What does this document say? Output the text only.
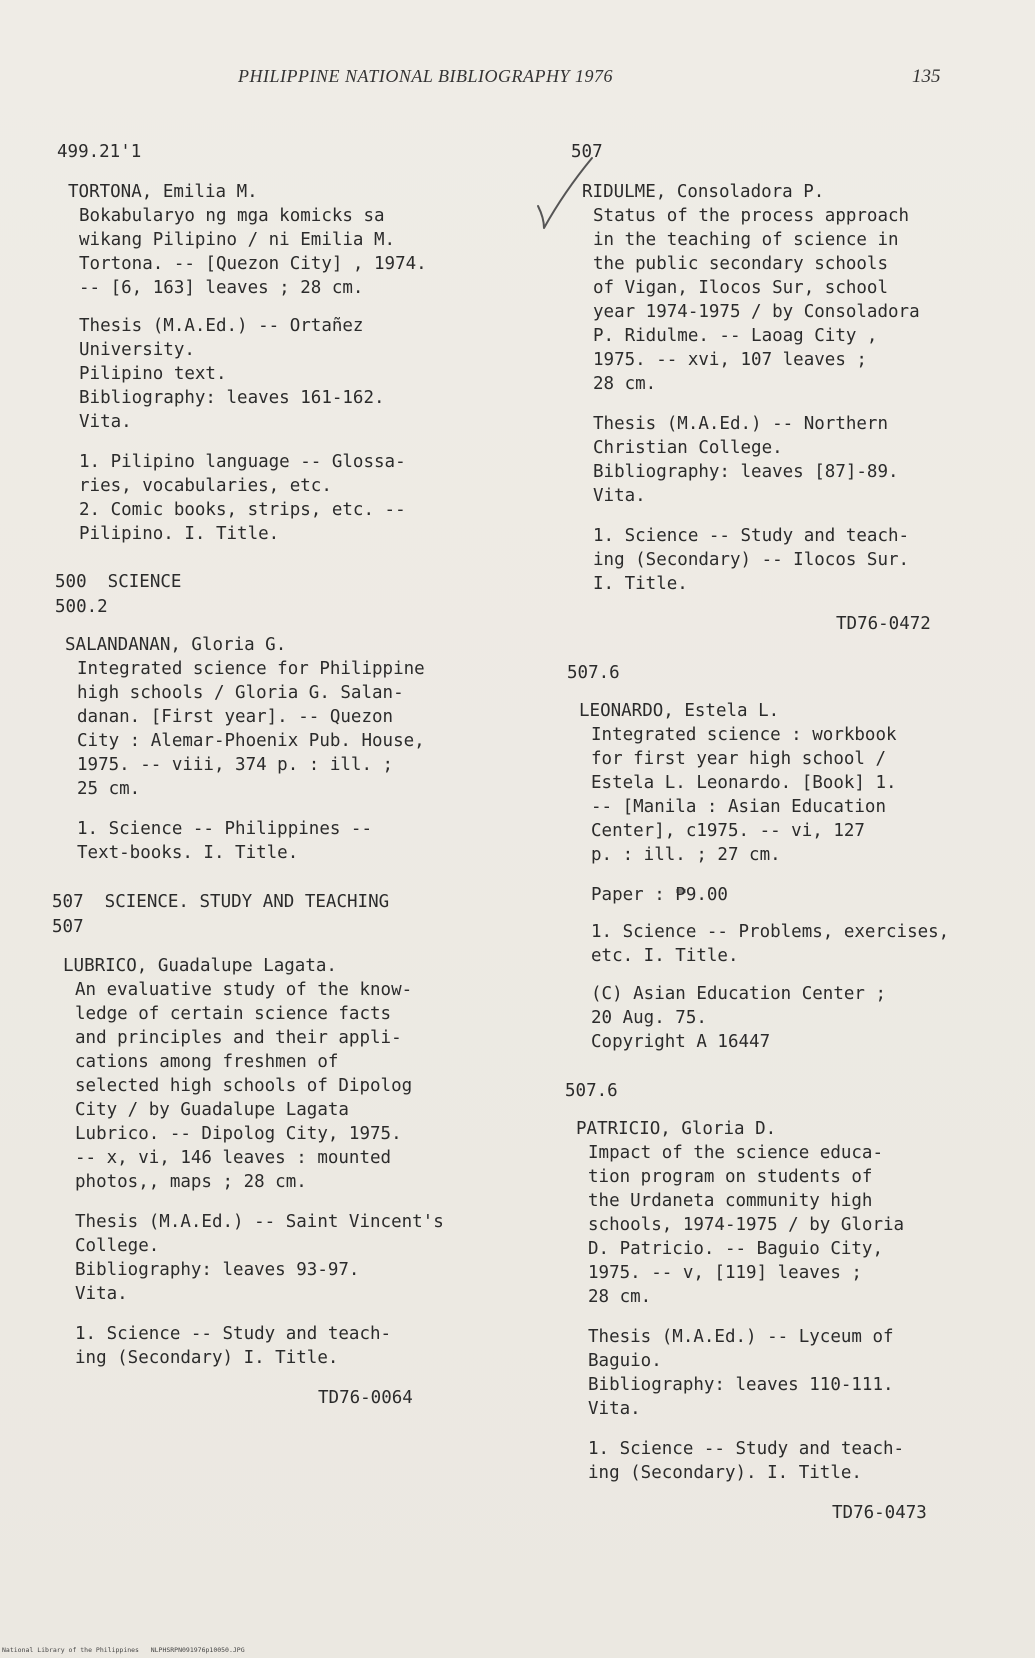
PHILIPPINE NATIONAL BIBLIOGRAPHY 1976	135
499.21'1
TORTONA, Emilia M.
Bokabularyo ng mga komicks sa
wikang Pilipino / ni Emilia M.
Tortona. -- [Quezon City] , 1974.
-- [6, 163] leaves ; 28 cm.
Thesis (M.A.Ed.) -- Ortañez
University.
Pilipino text.
Bibliography: leaves 161-162.
Vita.
1. Pilipino language -- Glossa-
ries, vocabularies, etc.
2. Comic books, strips, etc. --
Pilipino. I. Title.
500  SCIENCE
500.2
SALANDANAN, Gloria G.
Integrated science for Philippine
high schools / Gloria G. Salan-
danan. [First year]. -- Quezon
City : Alemar-Phoenix Pub. House,
1975. -- viii, 374 p. : ill. ;
25 cm.
1. Science -- Philippines --
Text-books. I. Title.
507  SCIENCE. STUDY AND TEACHING
507
LUBRICO, Guadalupe Lagata.
An evaluative study of the know-
ledge of certain science facts
and principles and their appli-
cations among freshmen of
selected high schools of Dipolog
City / by Guadalupe Lagata
Lubrico. -- Dipolog City, 1975.
-- x, vi, 146 leaves : mounted
photos,, maps ; 28 cm.
Thesis (M.A.Ed.) -- Saint Vincent's
College.
Bibliography: leaves 93-97.
Vita.
1. Science -- Study and teach-
ing (Secondary) I. Title.
TD76-0064
507
RIDULME, Consoladora P.
Status of the process approach
in the teaching of science in
the public secondary schools
of Vigan, Ilocos Sur, school
year 1974-1975 / by Consoladora
P. Ridulme. -- Laoag City ,
1975. -- xvi, 107 leaves ;
28 cm.
Thesis (M.A.Ed.) -- Northern
Christian College.
Bibliography: leaves [87]-89.
Vita.
1. Science -- Study and teach-
ing (Secondary) -- Ilocos Sur.
I. Title.
TD76-0472
507.6
LEONARDO, Estela L.
Integrated science : workbook
for first year high school /
Estela L. Leonardo. [Book] 1.
-- [Manila : Asian Education
Center], c1975. -- vi, 127
p. : ill. ; 27 cm.
Paper : ₱9.00
1. Science -- Problems, exercises,
etc. I. Title.
(C) Asian Education Center ;
20 Aug. 75.
Copyright A 16447
507.6
PATRICIO, Gloria D.
Impact of the science educa-
tion program on students of
the Urdaneta community high
schools, 1974-1975 / by Gloria
D. Patricio. -- Baguio City,
1975. -- v, [119] leaves ;
28 cm.
Thesis (M.A.Ed.) -- Lyceum of
Baguio.
Bibliography: leaves 110-111.
Vita.
1. Science -- Study and teach-
ing (Secondary). I. Title.
TD76-0473
National Library of the Philippines   NLPHSRPN091976p10050.JPG
